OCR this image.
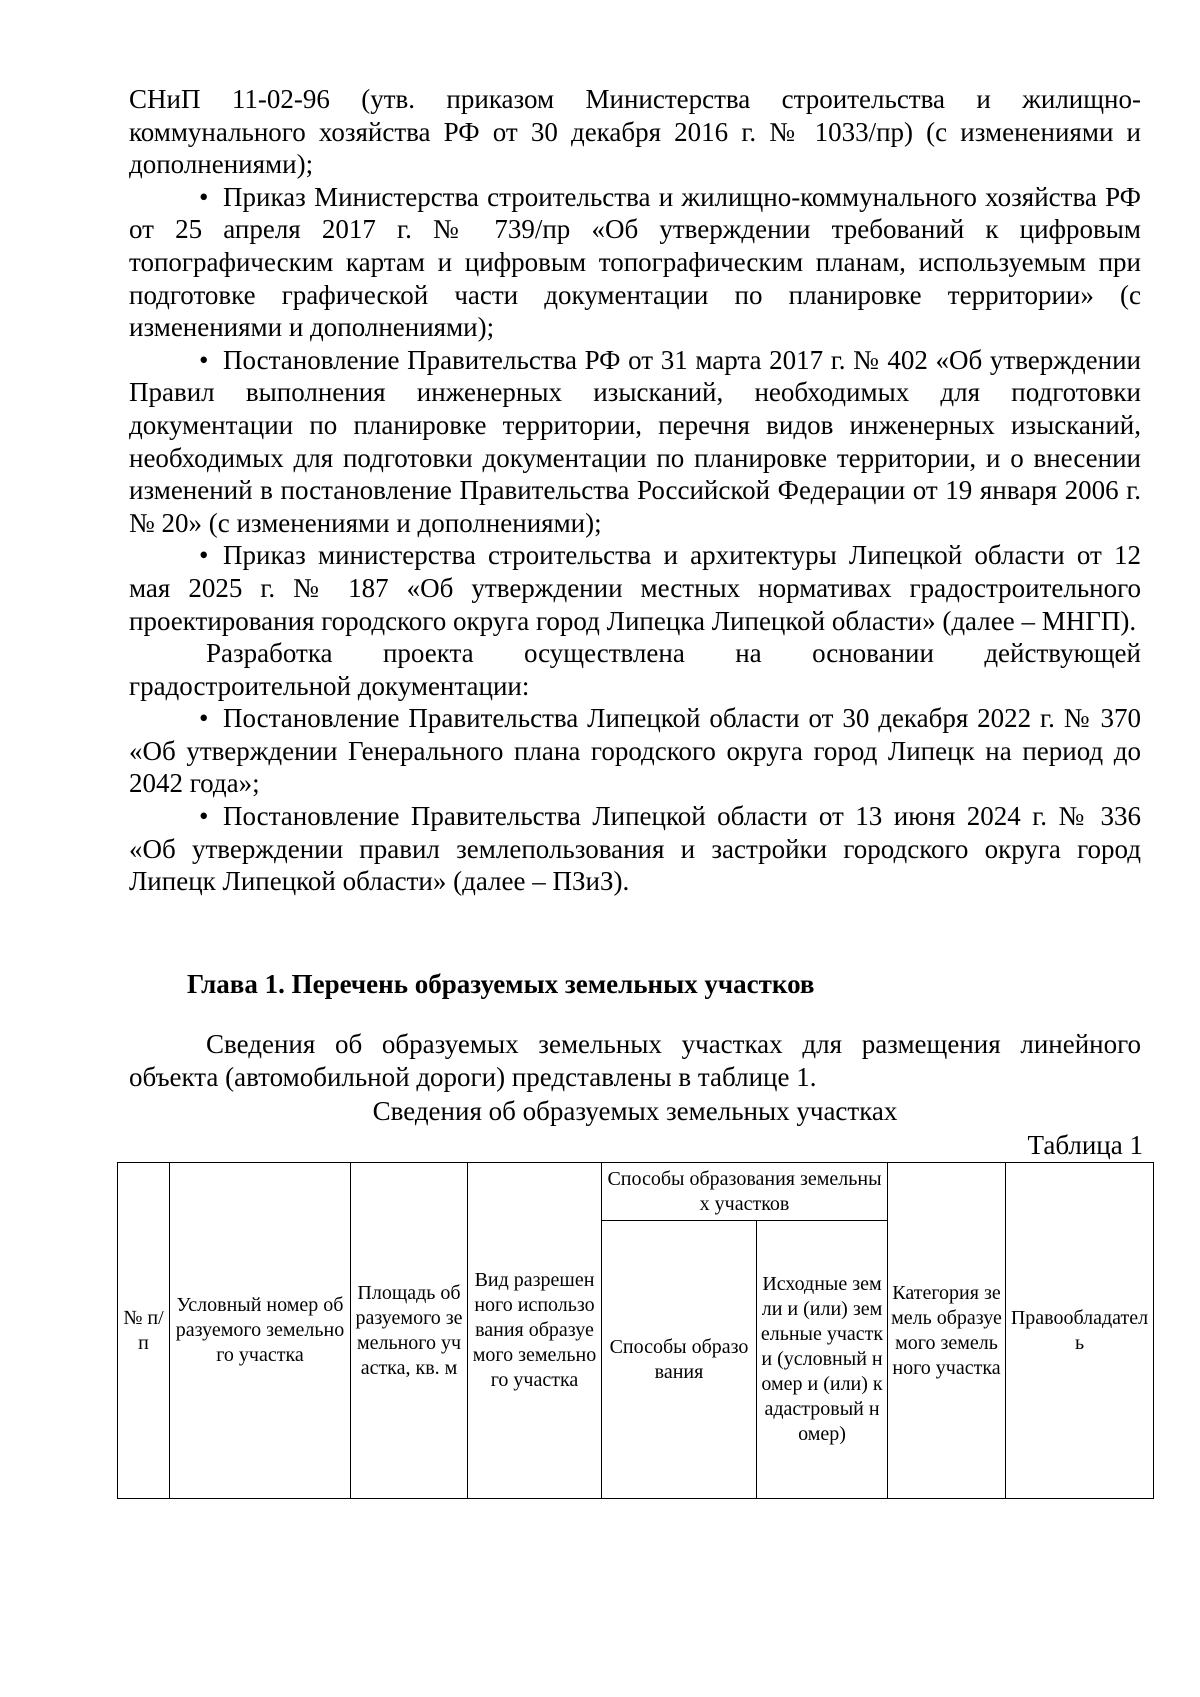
СНиП 11-02-96 (утв. приказом Министерства строительства и жилищно-коммунального хозяйства РФ от 30 декабря 2016 г. № 1033/пр) (с изменениями и дополнениями);

• Приказ Министерства строительства и жилищно-коммунального хозяйства РФ от 25 апреля 2017 г. № 739/пр «Об утверждении требований к цифровым топографическим картам и цифровым топографическим планам, используемым при подготовке графической части документации по планировке территории» (с изменениями и дополнениями);

• Постановление Правительства РФ от 31 марта 2017 г. № 402 «Об утверждении Правил выполнения инженерных изысканий, необходимых для подготовки документации по планировке территории, перечня видов инженерных изысканий, необходимых для подготовки документации по планировке территории, и о внесении изменений в постановление Правительства Российской Федерации от 19 января 2006 г. № 20» (с изменениями и дополнениями);

• Приказ министерства строительства и архитектуры Липецкой области от 12 мая 2025 г. № 187 «Об утверждении местных нормативах градостроительного проектирования городского округа город Липецка Липецкой области» (далее – МНГП).

Разработка проекта осуществлена на основании действующей градостроительной документации:

• Постановление Правительства Липецкой области от 30 декабря 2022 г. № 370 «Об утверждении Генерального плана городского округа город Липецк на период до 2042 года»;

• Постановление Правительства Липецкой области от 13 июня 2024 г. № 336 «Об утверждении правил землепользования и застройки городского округа город Липецк Липецкой области» (далее – ПЗиЗ).

Глава 1. Перечень образуемых земельных участков

Сведения об образуемых земельных участках для размещения линейного объекта (автомобильной дороги) представлены в таблице 1.

Сведения об образуемых земельных участках

Таблица 1

№ п/п	Условный номер образуемого земельного участка	Площадь образуемого земельного участка, кв. м	Вид разрешенного использования образуемого земельного участка	Способы образования земельных участков		Категория земель образуемого земельного участка	Правообладатель
				Способы образования	Исходные земли и (или) земельные участки (условный номер и (или) кадастровый номер)		
